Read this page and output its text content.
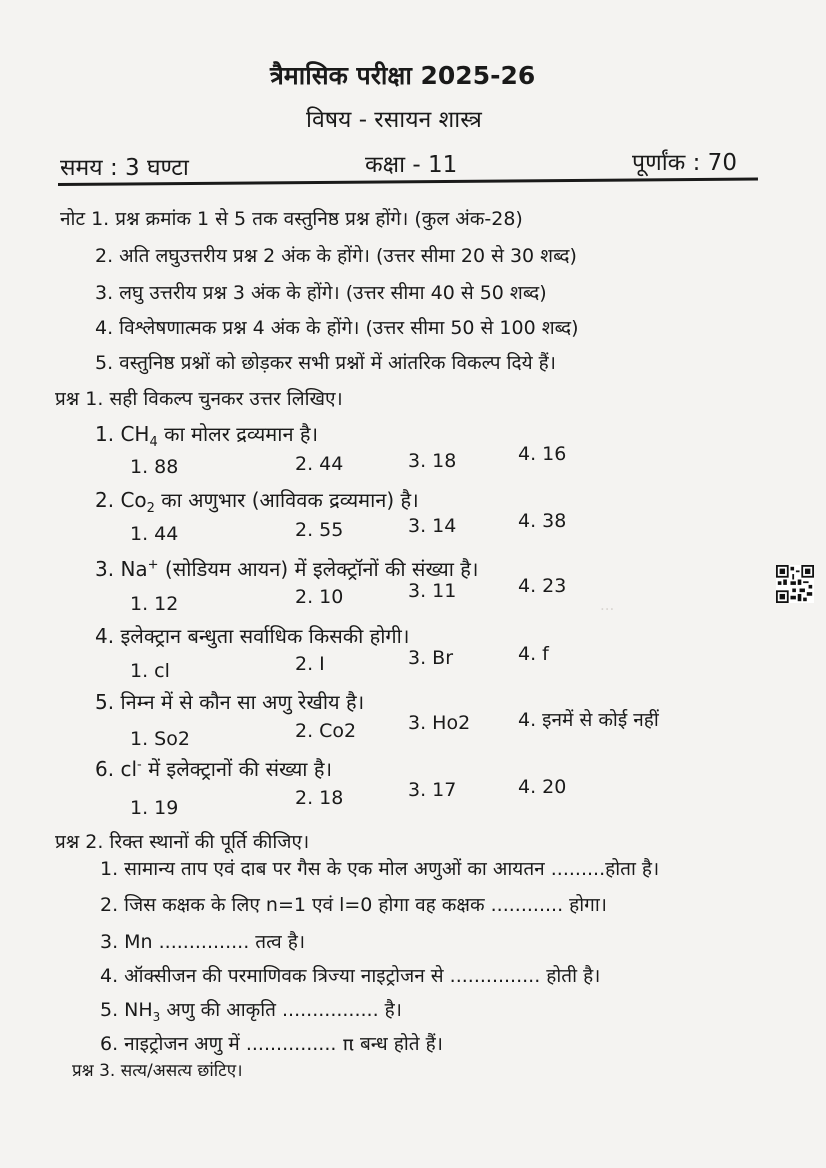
...
त्रैमासिक परीक्षा 2025-26
विषय - रसायन शास्त्र
समय : 3 घण्टा	कक्षा - 11	पूर्णांक : 70
नोट 1. प्रश्न क्रमांक 1 से 5 तक वस्तुनिष्ठ प्रश्न होंगे। (कुल अंक-28)
2. अति लघुउत्तरीय प्रश्न 2 अंक के होंगे। (उत्तर सीमा 20 से 30 शब्द)
3. लघु उत्तरीय प्रश्न 3 अंक के होंगे। (उत्तर सीमा 40 से 50 शब्द)
4. विश्लेषणात्मक प्रश्न 4 अंक के होंगे। (उत्तर सीमा 50 से 100 शब्द)
5. वस्तुनिष्ठ प्रश्नों को छोड़कर सभी प्रश्नों में आंतरिक विकल्प दिये हैं।
प्रश्न 1. सही विकल्प चुनकर उत्तर लिखिए।
1. $CH_4$ का मोलर द्रव्यमान है।
1. 88	2. 44	3. 18	4. 16
2. $Co_2$ का अणुभार (आविवक द्रव्यमान) है।
1. 44	2. 55	3. 14	4. 38
3. Na+ (सोडियम आयन) में इलेक्ट्रॉनों की संख्या है।
1. 12	2. 10	3. 11	4. 23
4. इलेक्ट्रान बन्धुता सर्वाधिक किसकी होगी।
1. cl	2. I	3. Br	4. f
5. निम्न में से कौन सा अणु रेखीय है।
1. So2	2. Co2	3. Ho2	4. इनमें से कोई नहीं
6. cl- में इलेक्ट्रानों की संख्या है।
1. 19	2. 18	3. 17	4. 20
प्रश्न 2. रिक्त स्थानों की पूर्ति कीजिए।
1. सामान्य ताप एवं दाब पर गैस के एक मोल अणुओं का आयतन .........होता है।
2. जिस कक्षक के लिए n=1 एवं l=0 होगा वह कक्षक ............ होगा।
3. Mn ............... तत्व है।
4. ऑक्सीजन की परमाणिवक त्रिज्या नाइट्रोजन से ............... होती है।
5. $NH_3$ अणु की आकृति ................ है।
6. नाइट्रोजन अणु में ............... π बन्ध होते हैं।
प्रश्न 3. सत्य/असत्य छांटिए।
